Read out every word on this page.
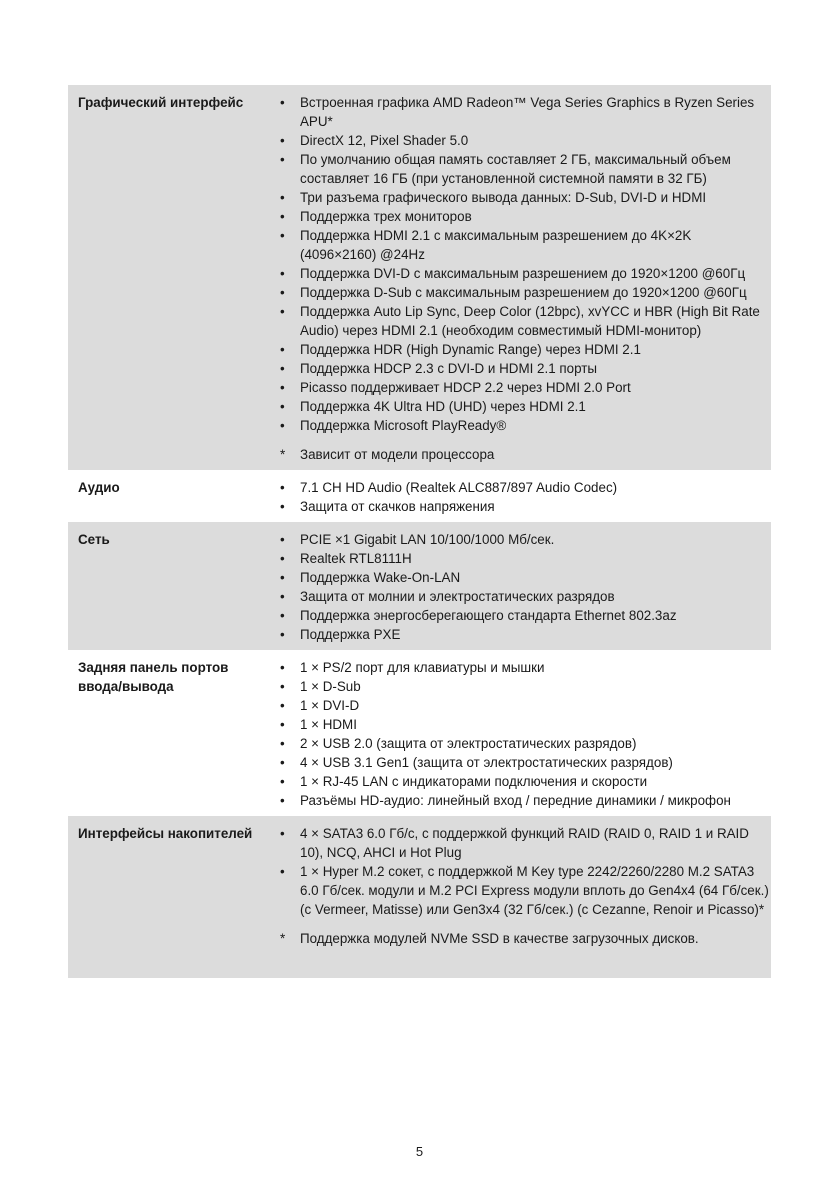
Графический интерфейс	• Встроенная графика AMD Radeon™ Vega Series Graphics в Ryzen Series APU*
• DirectX 12, Pixel Shader 5.0
• По умолчанию общая память составляет 2 ГБ, максимальный объем составляет 16 ГБ (при установленной системной памяти в 32 ГБ)
• Три разъема графического вывода данных: D-Sub, DVI-D и HDMI
• Поддержка трех мониторов
• Поддержка HDMI 2.1 с максимальным разрешением до 4K×2K (4096×2160) @24Hz
• Поддержка DVI-D с максимальным разрешением до 1920×1200 @60Гц
• Поддержка D-Sub с максимальным разрешением до 1920×1200 @60Гц
• Поддержка Auto Lip Sync, Deep Color (12bpc), xvYCC и HBR (High Bit Rate Audio) через HDMI 2.1 (необходим совместимый HDMI-монитор)
• Поддержка HDR (High Dynamic Range) через HDMI 2.1
• Поддержка HDCP 2.3 с DVI-D и HDMI 2.1 порты
• Picasso поддерживает HDCP 2.2 через HDMI 2.0 Port
• Поддержка 4K Ultra HD (UHD) через HDMI 2.1
• Поддержка Microsoft PlayReady®
* Зависит от модели процессора
Аудио	• 7.1 CH HD Audio (Realtek ALC887/897 Audio Codec)
• Защита от скачков напряжения
Сеть	• PCIE ×1 Gigabit LAN 10/100/1000 Мб/сек.
• Realtek RTL8111H
• Поддержка Wake-On-LAN
• Защита от молнии и электростатических разрядов
• Поддержка энергосберегающего стандарта Ethernet 802.3az
• Поддержка PXE
Задняя панель портов ввода/вывода
• 1 × PS/2 порт для клавиатуры и мышки
• 1 × D-Sub
• 1 × DVI-D
• 1 × HDMI
• 2 × USB 2.0 (защита от электростатических разрядов)
• 4 × USB 3.1 Gen1 (защита от электростатических разрядов)
• 1 × RJ-45 LAN с индикаторами подключения и скорости
• Разъёмы HD-аудио: линейный вход / передние динамики / микрофон
Интерфейсы накопителей	• 4 × SATA3 6.0 Гб/с, с поддержкой функций RAID (RAID 0, RAID 1 и RAID 10), NCQ, AHCI и Hot Plug
• 1 × Hyper M.2 сокет, с поддержкой M Key type 2242/2260/2280 M.2 SATA3 6.0 Гб/сек. модули и M.2 PCI Express модули вплоть до Gen4x4 (64 Гб/сек.) (с Vermeer, Matisse) или Gen3x4 (32 Гб/сек.) (с Cezanne, Renoir и Picasso)*
* Поддержка модулей NVMe SSD в качестве загрузочных дисков.
5
